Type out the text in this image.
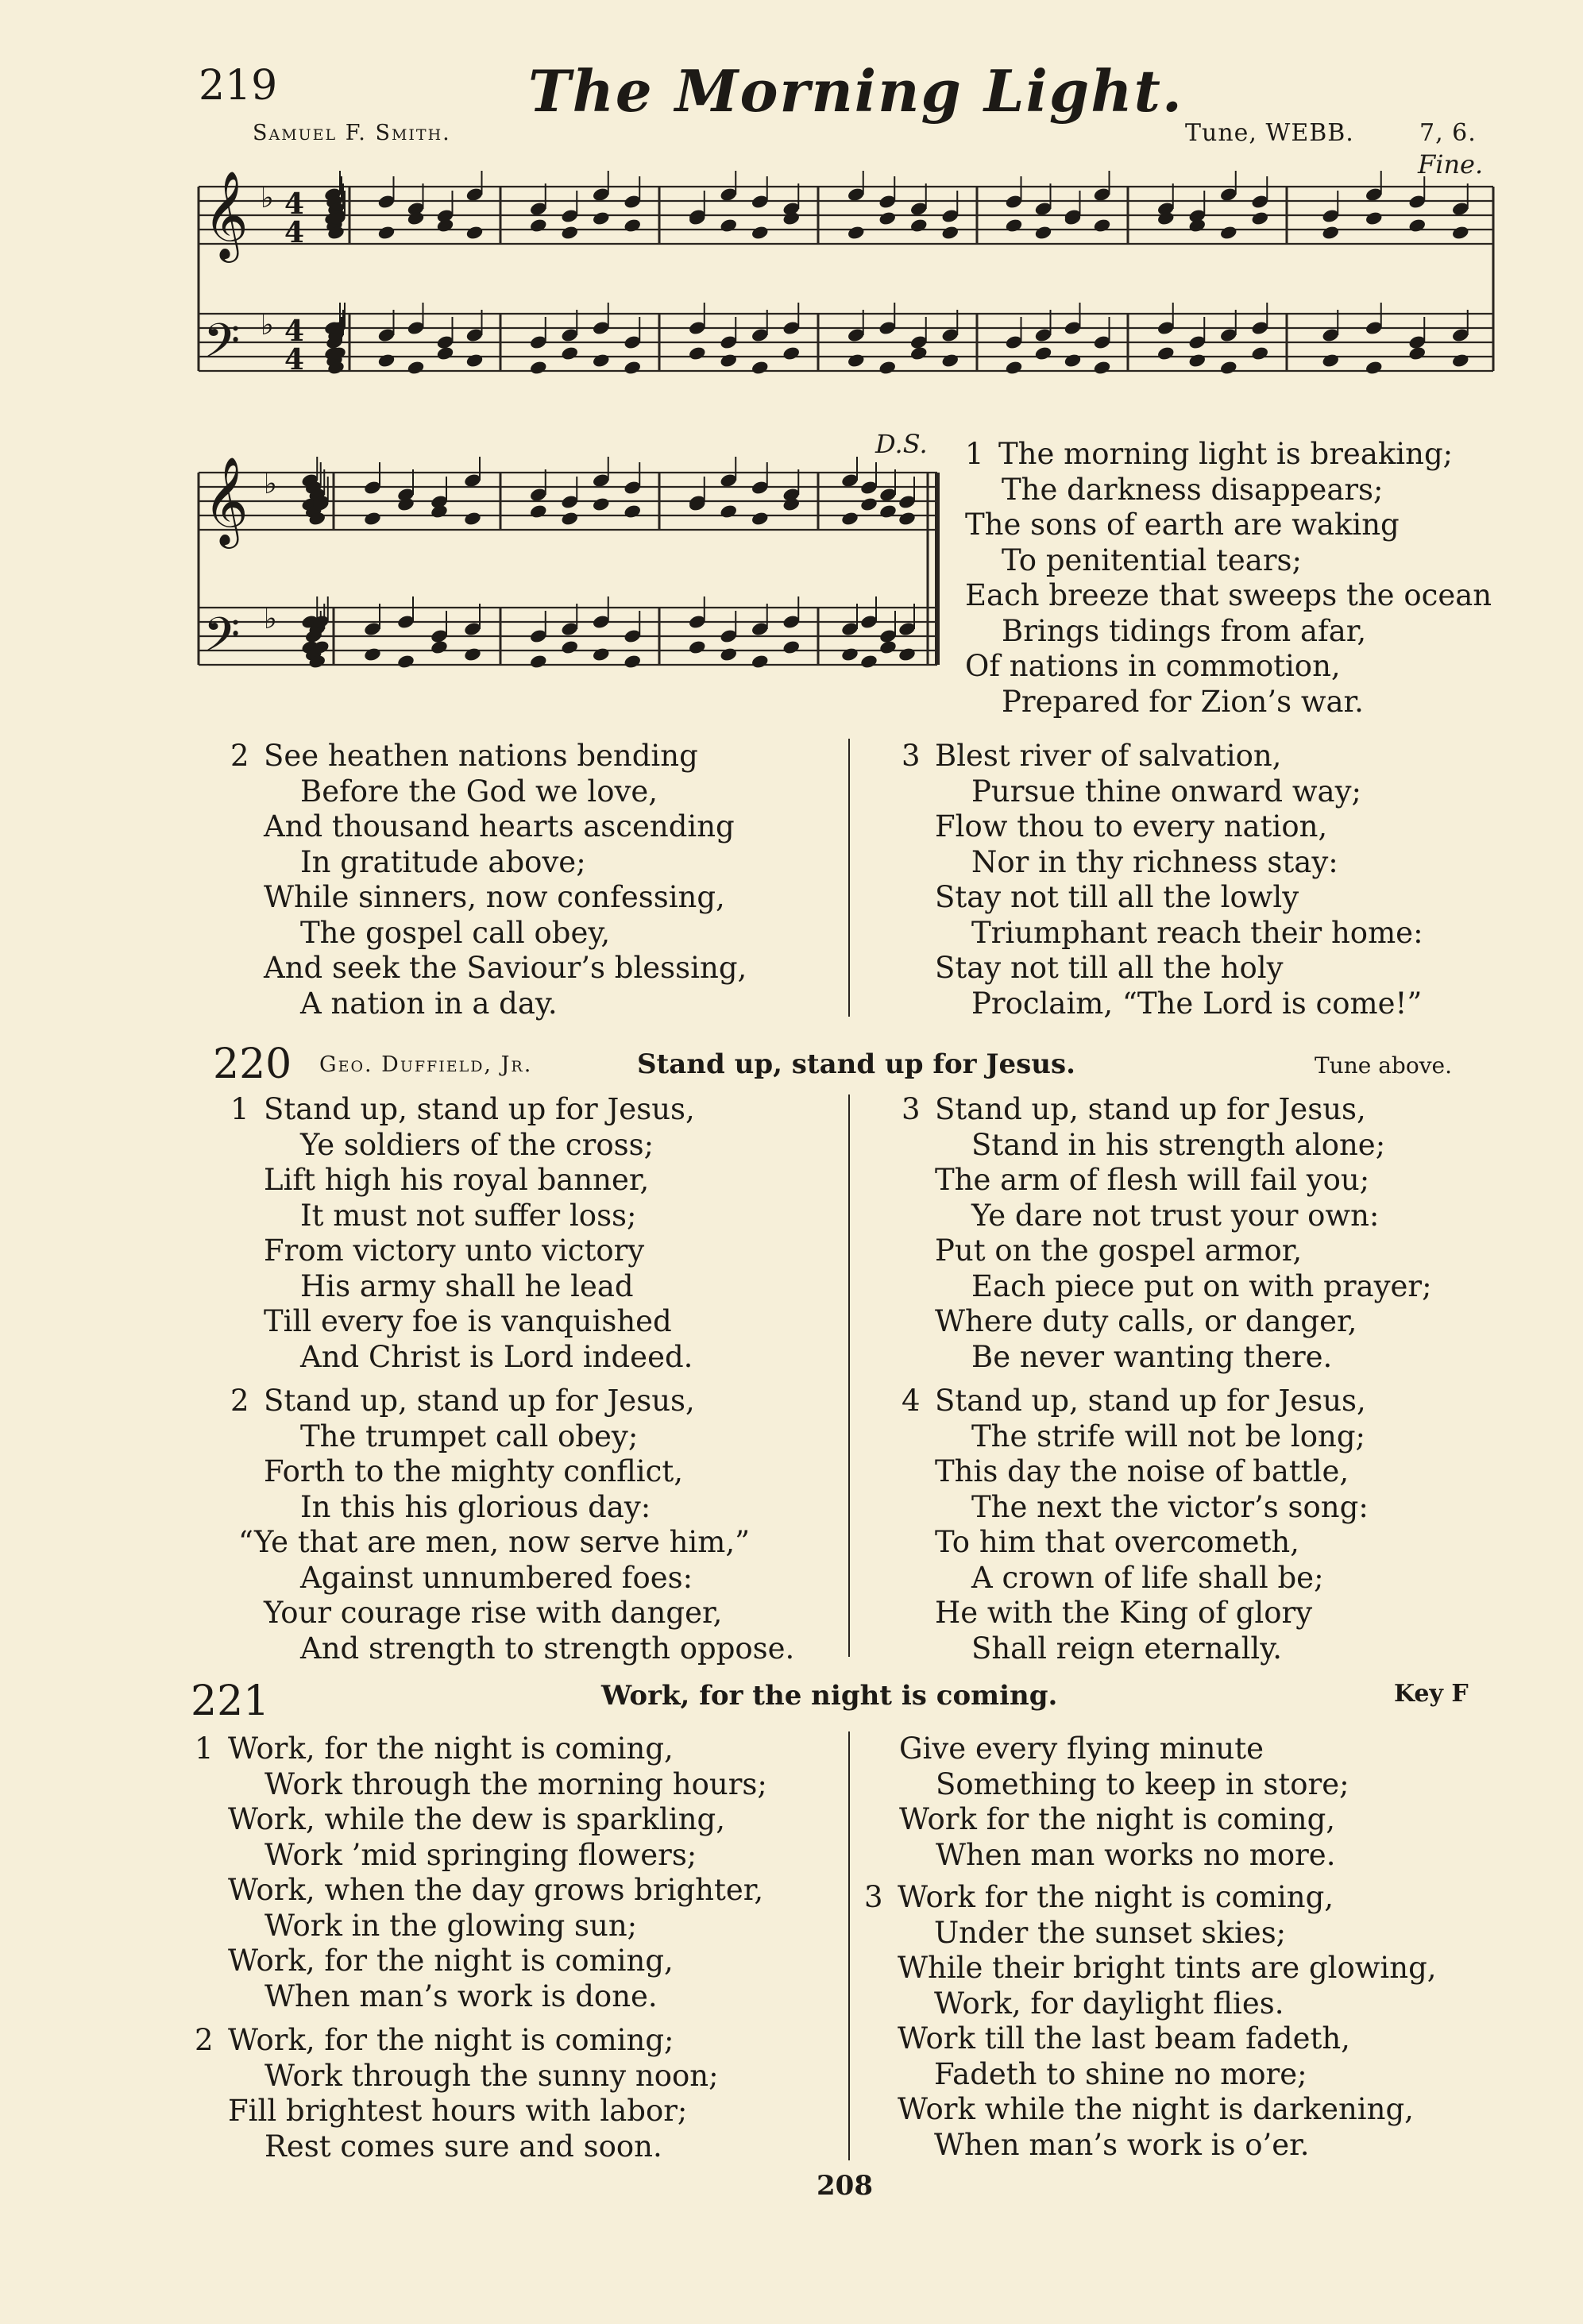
219	The Morning Light.
Samuel F. Smith.	Tune, WEBB.	7, 6.
Fine.
D.S.
𝄞
𝄢
♭ 4
4
♭ 4
4
𝄞
𝄢
♭
♭
1 The morning light is breaking;
The darkness disappears;
The sons of earth are waking
To penitential tears;
Each breeze that sweeps the ocean
Brings tidings from afar,
Of nations in commotion,
Prepared for Zion’s war.
2 See heathen nations bending
Before the God we love,
And thousand hearts ascending
In gratitude above;
While sinners, now confessing,
The gospel call obey,
And seek the Saviour’s blessing,
A nation in a day.
3 Blest river of salvation,
Pursue thine onward way;
Flow thou to every nation,
Nor in thy richness stay:
Stay not till all the lowly
Triumphant reach their home:
Stay not till all the holy
Proclaim, “The Lord is come!”
220 Geo. Duffield, Jr.	Stand up, stand up for Jesus.	Tune above.
1 Stand up, stand up for Jesus,
Ye soldiers of the cross;
Lift high his royal banner,
It must not suffer loss;
From victory unto victory
His army shall he lead
Till every foe is vanquished
And Christ is Lord indeed.
2 Stand up, stand up for Jesus,
The trumpet call obey;
Forth to the mighty conflict,
In this his glorious day:
“Ye that are men, now serve him,”
Against unnumbered foes:
Your courage rise with danger,
And strength to strength oppose.
3 Stand up, stand up for Jesus,
Stand in his strength alone;
The arm of flesh will fail you;
Ye dare not trust your own:
Put on the gospel armor,
Each piece put on with prayer;
Where duty calls, or danger,
Be never wanting there.
4 Stand up, stand up for Jesus,
The strife will not be long;
This day the noise of battle,
The next the victor’s song:
To him that overcometh,
A crown of life shall be;
He with the King of glory
Shall reign eternally.
221	Work, for the night is coming.	Key F
1 Work, for the night is coming,
Work through the morning hours;
Work, while the dew is sparkling,
Work ’mid springing flowers;
Work, when the day grows brighter,
Work in the glowing sun;
Work, for the night is coming,
When man’s work is done.
2 Work, for the night is coming;
Work through the sunny noon;
Fill brightest hours with labor;
Rest comes sure and soon.
Give every flying minute
Something to keep in store;
Work for the night is coming,
When man works no more.
3 Work for the night is coming,
Under the sunset skies;
While their bright tints are glowing,
Work, for daylight flies.
Work till the last beam fadeth,
Fadeth to shine no more;
Work while the night is darkening,
When man’s work is o’er.
208
